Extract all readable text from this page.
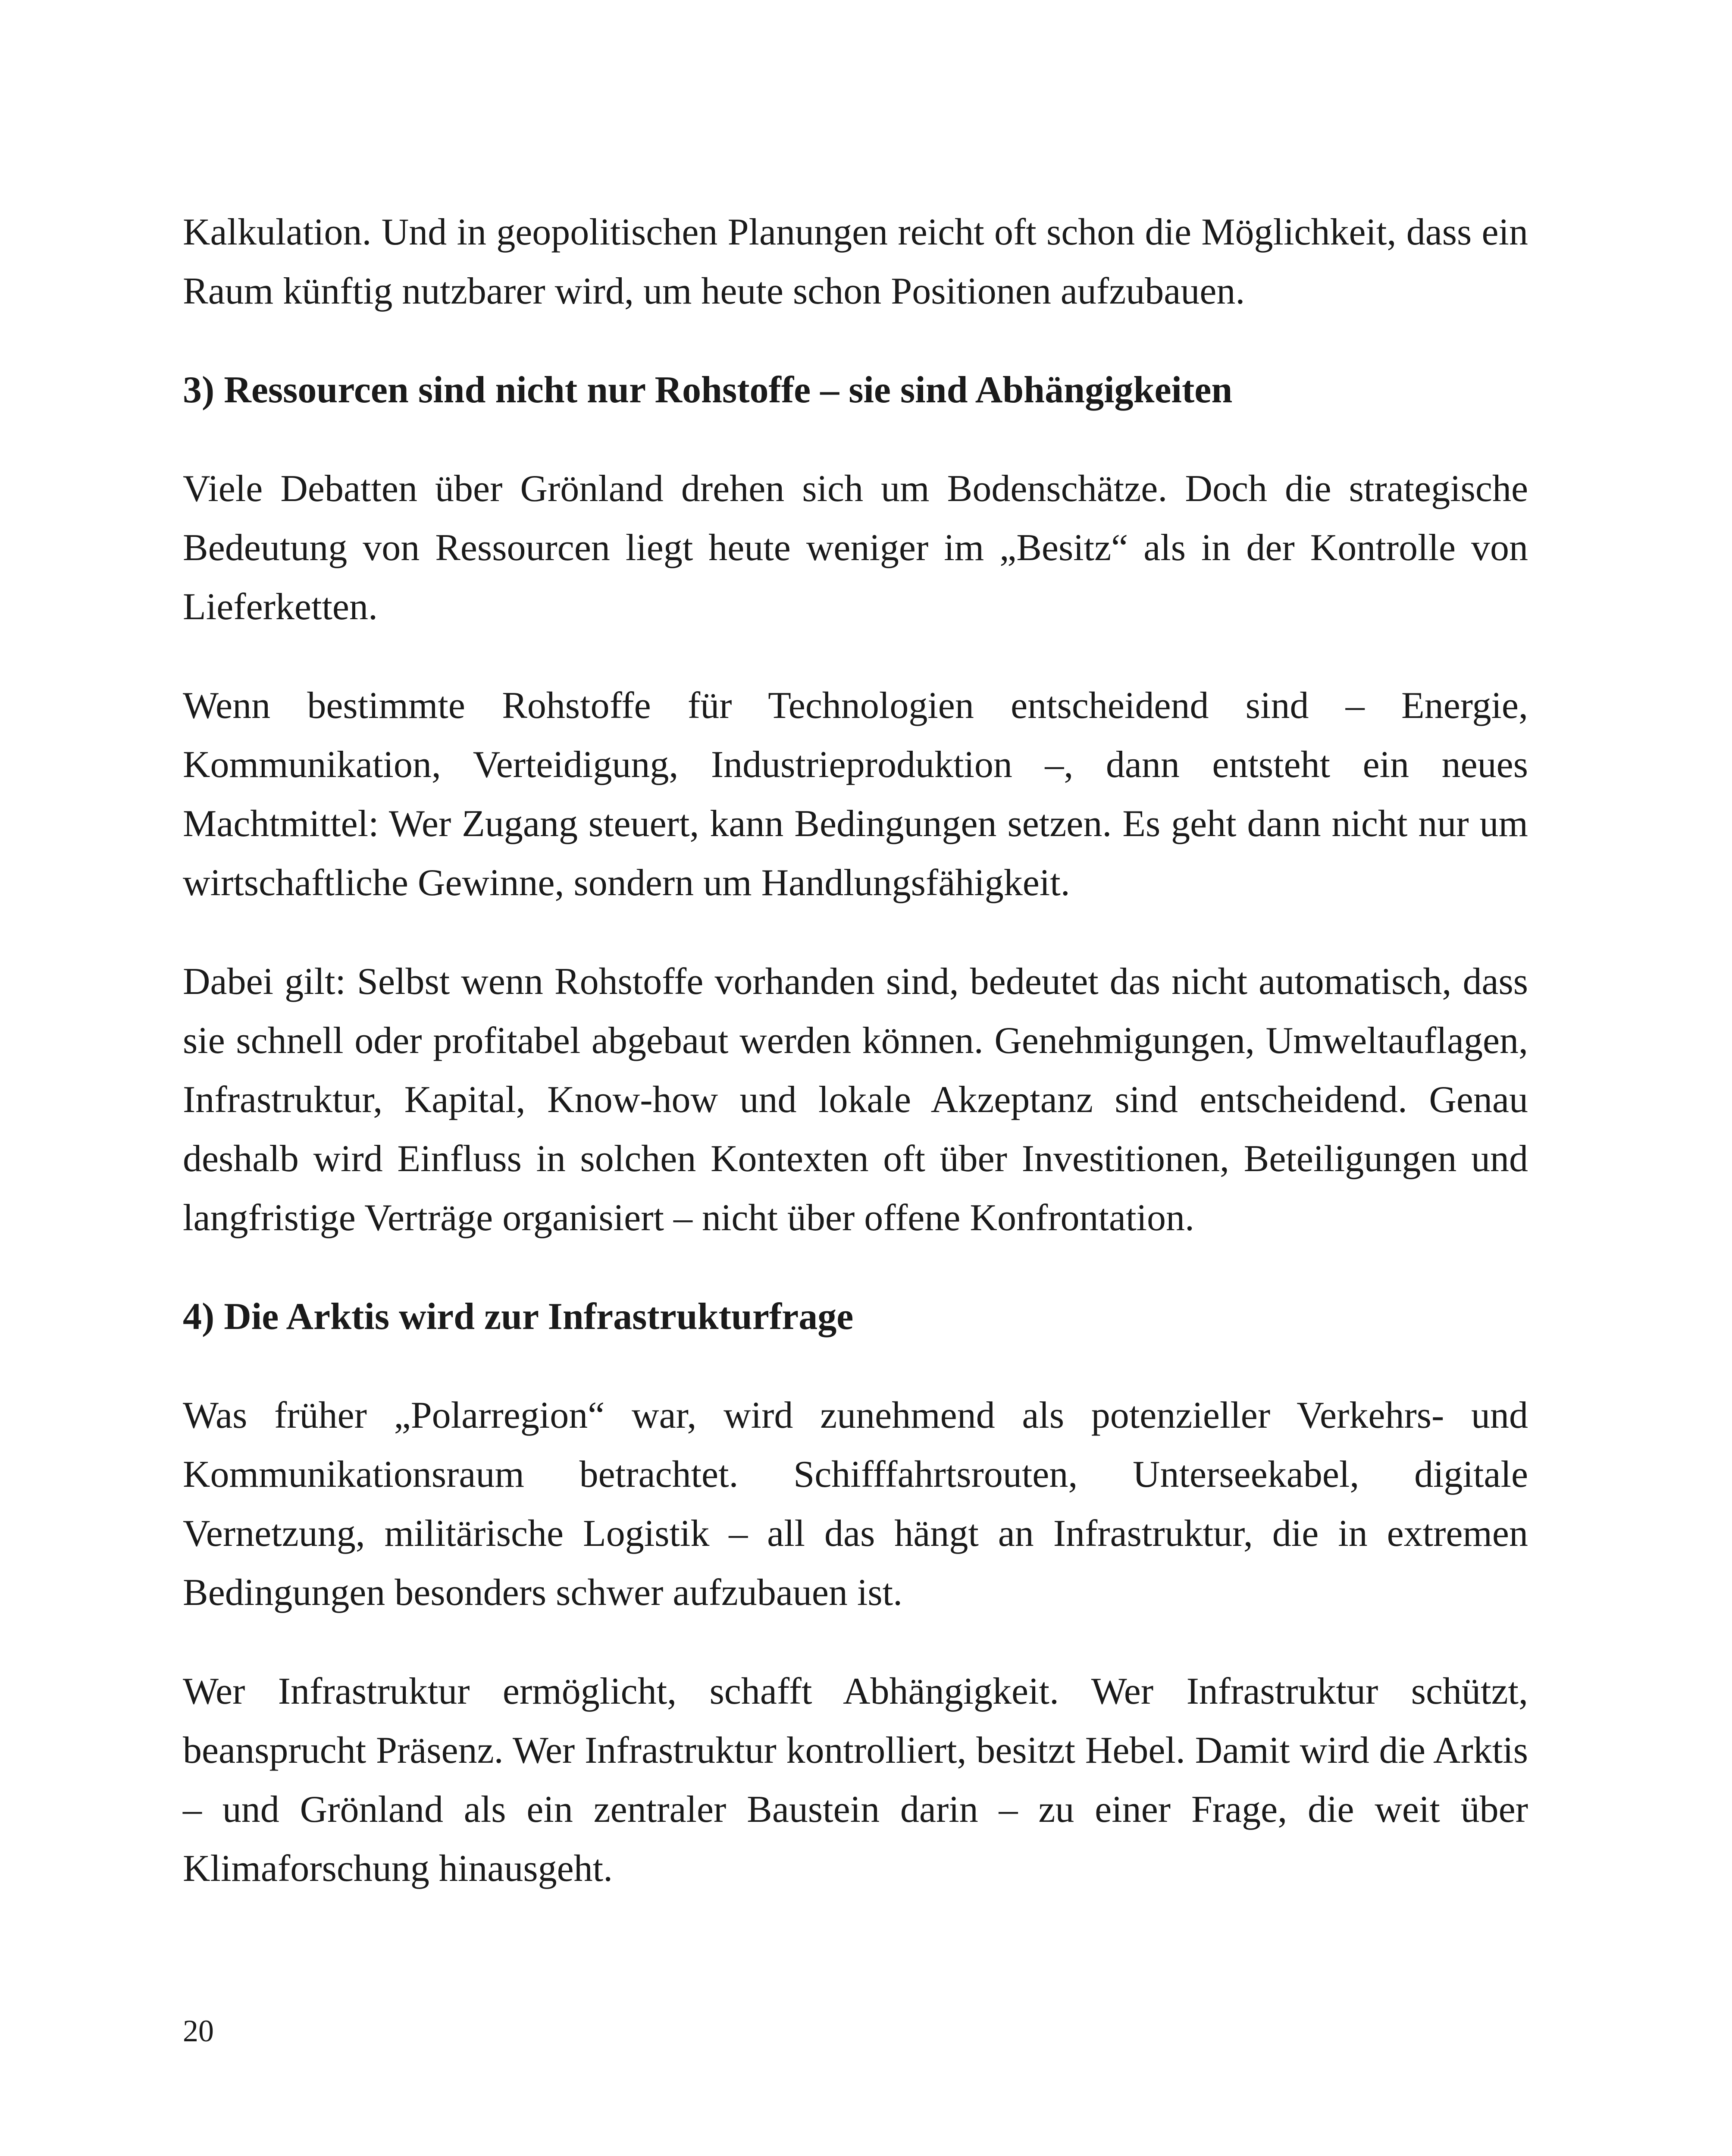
Kalkulation. Und in geopolitischen Planungen reicht oft schon die Möglichkeit, dass ein Raum künftig nutzbarer wird, um heute schon Positionen aufzubauen.

3) Ressourcen sind nicht nur Rohstoffe – sie sind Abhängigkeiten

Viele Debatten über Grönland drehen sich um Bodenschätze. Doch die strategische Bedeutung von Ressourcen liegt heute weniger im „Besitz“ als in der Kontrolle von Lieferketten.

Wenn bestimmte Rohstoffe für Technologien entscheidend sind – Energie, Kommunikation, Verteidigung, Industrieproduktion –, dann entsteht ein neues Machtmittel: Wer Zugang steuert, kann Bedingungen setzen. Es geht dann nicht nur um wirtschaftliche Gewinne, sondern um Handlungsfähigkeit.

Dabei gilt: Selbst wenn Rohstoffe vorhanden sind, bedeutet das nicht automatisch, dass sie schnell oder profitabel abgebaut werden können. Genehmigungen, Umweltauflagen, Infrastruktur, Kapital, Know-how und lokale Akzeptanz sind entscheidend. Genau deshalb wird Einfluss in solchen Kontexten oft über Investitionen, Beteiligungen und langfristige Verträge organisiert – nicht über offene Konfrontation.

4) Die Arktis wird zur Infrastrukturfrage

Was früher „Polarregion“ war, wird zunehmend als potenzieller Verkehrs- und Kommunikationsraum betrachtet. Schifffahrtsrouten, Unterseekabel, digitale Vernetzung, militärische Logistik – all das hängt an Infrastruktur, die in extremen Bedingungen besonders schwer aufzubauen ist.

Wer Infrastruktur ermöglicht, schafft Abhängigkeit. Wer Infrastruktur schützt, beansprucht Präsenz. Wer Infrastruktur kontrolliert, besitzt Hebel. Damit wird die Arktis – und Grönland als ein zentraler Baustein darin – zu einer Frage, die weit über Klimaforschung hinausgeht.

20
